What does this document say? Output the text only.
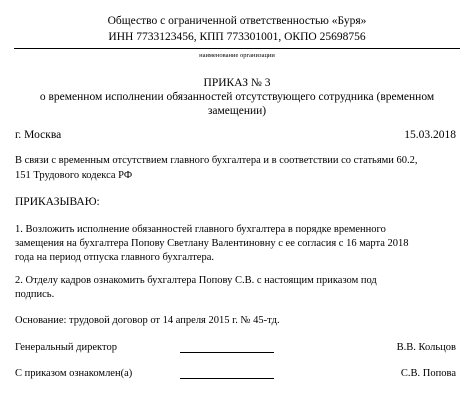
Общество с ограниченной ответственностью «Буря»
ИНН 7733123456, КПП 773301001, ОКПО 25698756
наименование организации
ПРИКАЗ № 3
о временном исполнении обязанностей отсутствующего сотрудника (временном
замещении)
г. Москва	15.03.2018
В связи с временным отсутствием главного бухгалтера и в соответствии со статьями 60.2,
151 Трудового кодекса РФ
ПРИКАЗЫВАЮ:
1. Возложить исполнение обязанностей главного бухгалтера в порядке временного
замещения на бухгалтера Попову Светлану Валентиновну с ее согласия с 16 марта 2018
года на период отпуска главного бухгалтера.
2. Отделу кадров ознакомить бухгалтера Попову С.В. с настоящим приказом под
подпись.
Основание: трудовой договор от 14 апреля 2015 г. № 45-тд.
Генеральный директор	В.В. Кольцов
С приказом ознакомлен(а)	С.В. Попова
